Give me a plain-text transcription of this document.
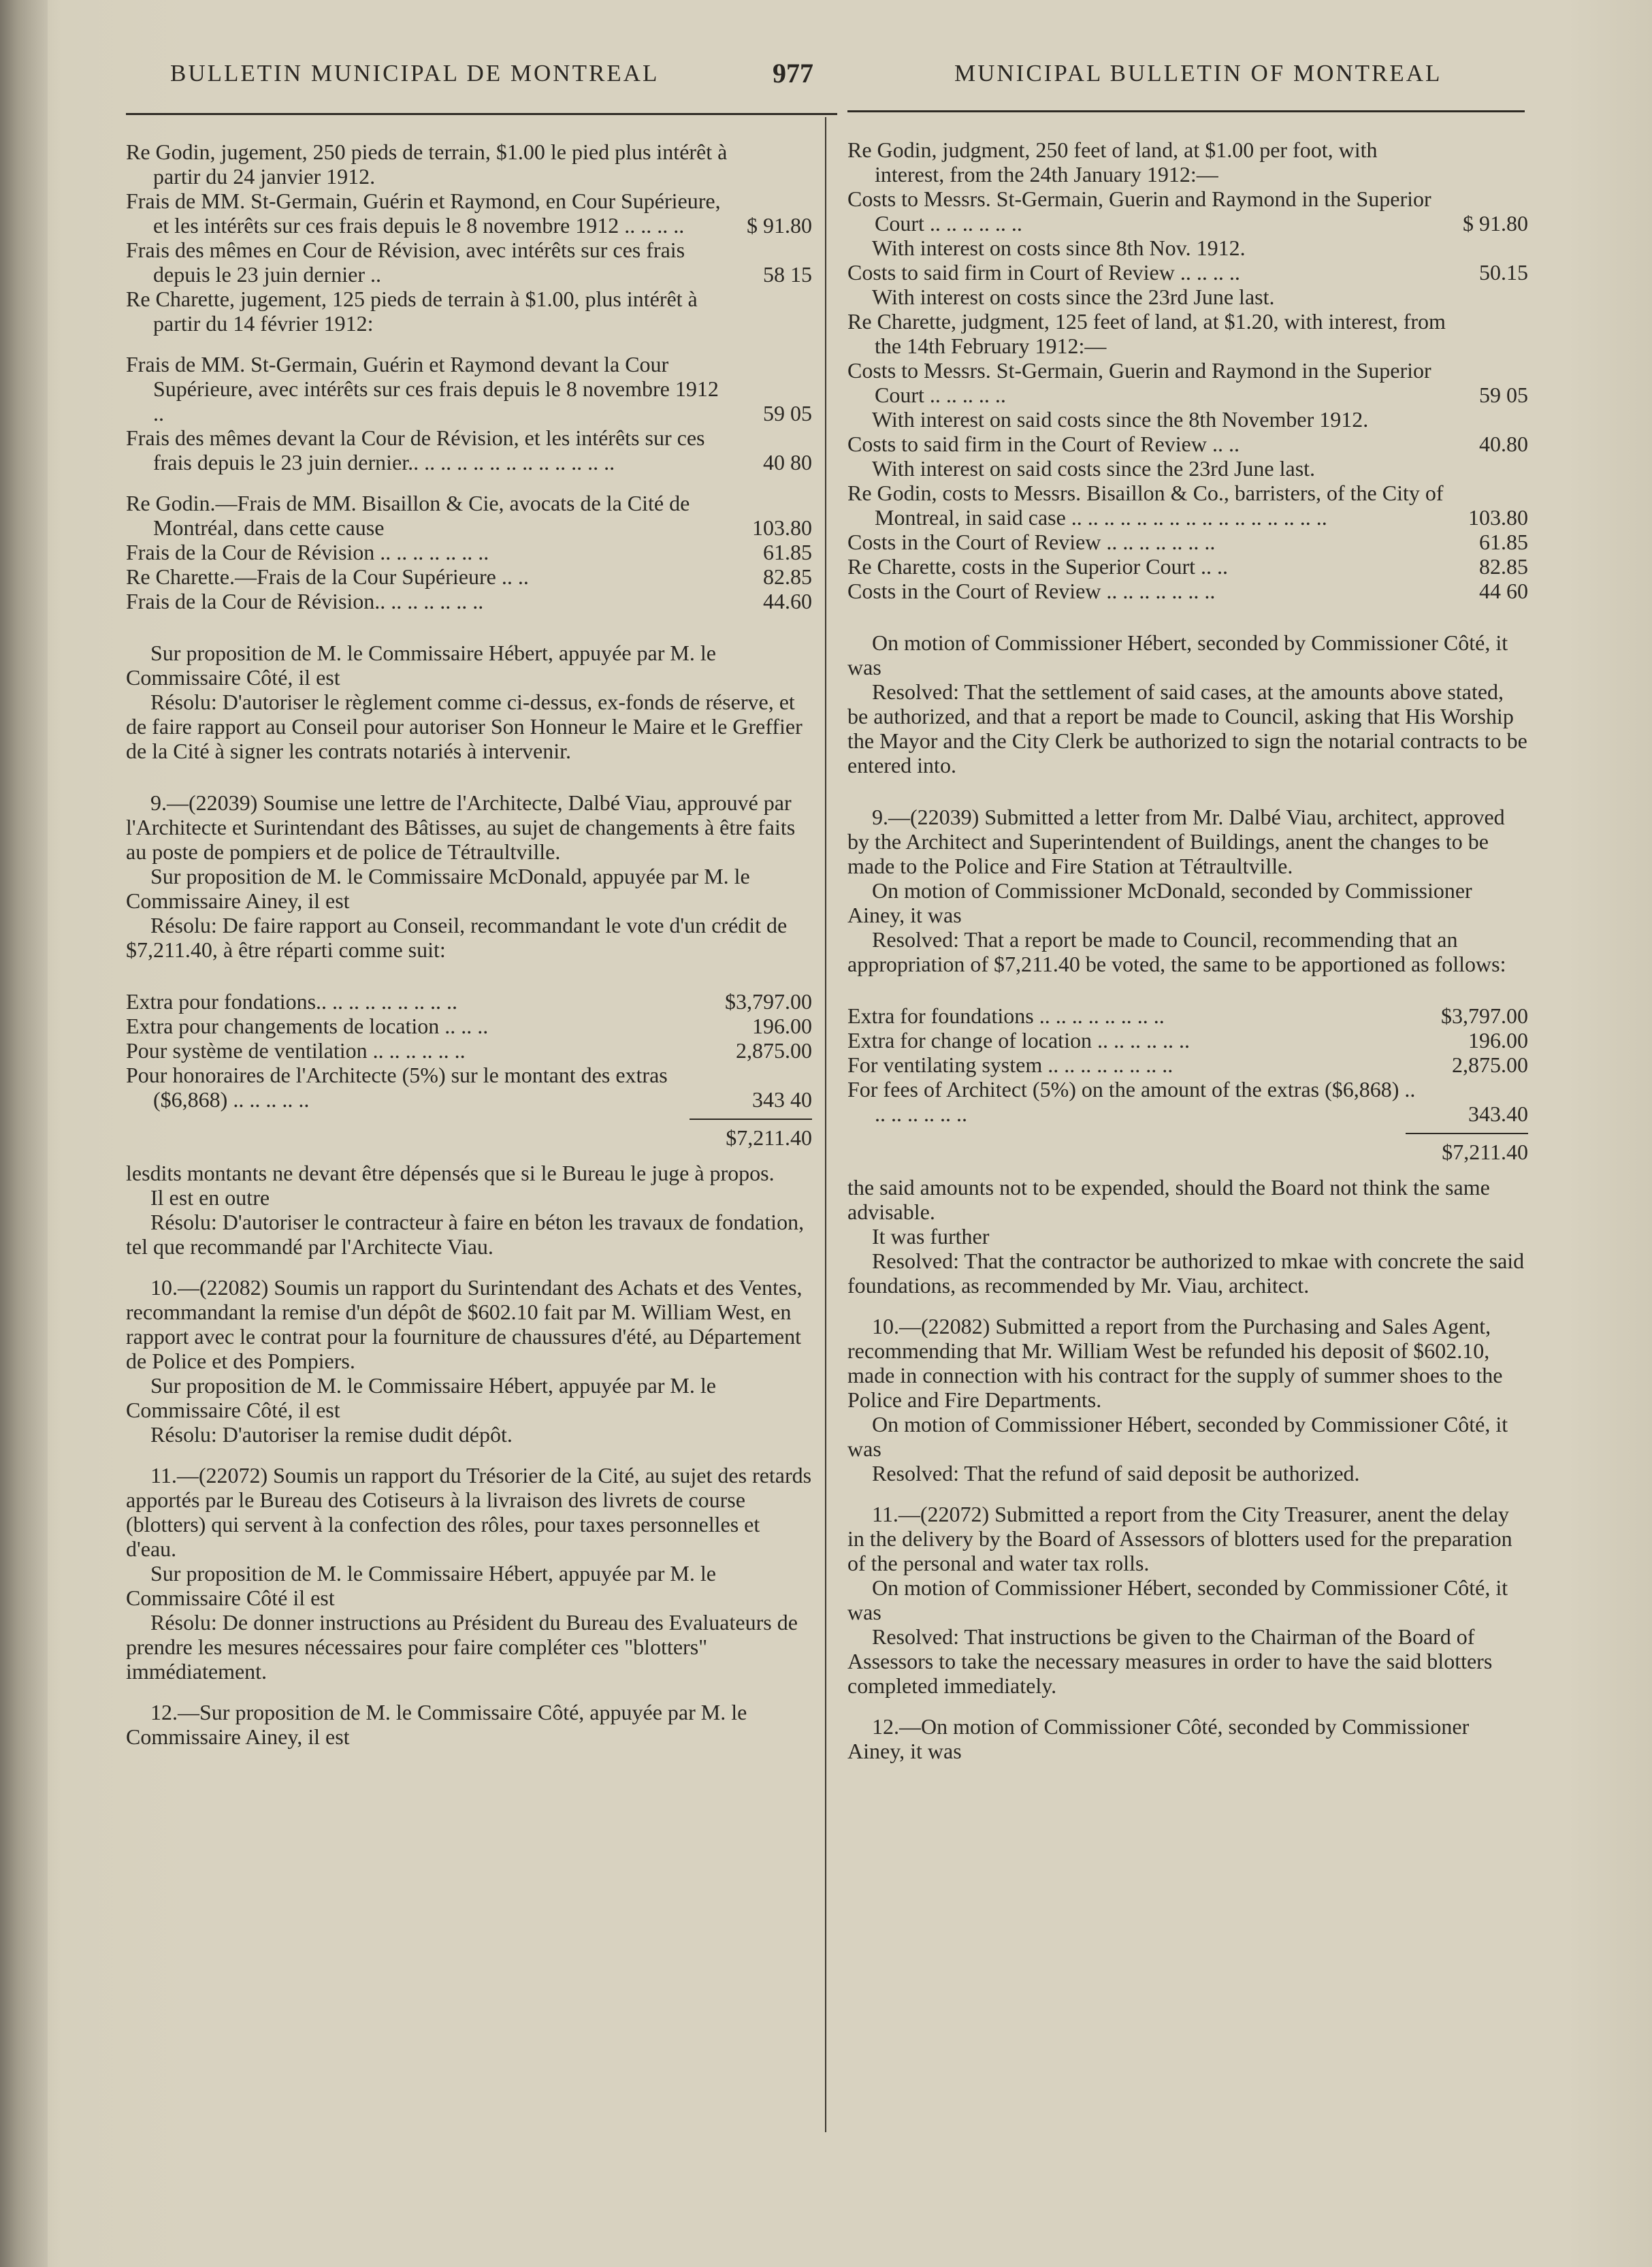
BULLETIN MUNICIPAL DE MONTREAL	977	MUNICIPAL BULLETIN OF MONTREAL
Re Godin, jugement, 250 pieds de terrain, $1.00 le pied plus intérêt à partir du 24 janvier 1912.
Frais de MM. St-Germain, Guérin et Raymond, en Cour Supérieure, et les intérêts sur ces frais depuis le 8 novembre 1912 .. .. .. ..	$ 91.80
Frais des mêmes en Cour de Révision, avec intérêts sur ces frais depuis le 23 juin dernier ..	58 15
Re Charette, jugement, 125 pieds de terrain à $1.00, plus intérêt à partir du 14 février 1912:
Frais de MM. St-Germain, Guérin et Raymond devant la Cour Supérieure, avec intérêts sur ces frais depuis le 8 novembre 1912 ..	59 05
Frais des mêmes devant la Cour de Révision, et les intérêts sur ces frais depuis le 23 juin dernier.. .. .. .. .. .. .. .. .. .. .. .. ..	40 80
Re Godin.—Frais de MM. Bisaillon & Cie, avocats de la Cité de Montréal, dans cette cause	103.80
Frais de la Cour de Révision .. .. .. .. .. .. ..	61.85
Re Charette.—Frais de la Cour Supérieure .. ..	82.85
Frais de la Cour de Révision.. .. .. .. .. .. ..	44.60

Sur proposition de M. le Commissaire Hébert, appuyée par M. le Commissaire Côté, il est

Résolu: D'autoriser le règlement comme ci-dessus, ex-fonds de réserve, et de faire rapport au Conseil pour autoriser Son Honneur le Maire et le Greffier de la Cité à signer les contrats notariés à intervenir.

9.—(22039) Soumise une lettre de l'Architecte, Dalbé Viau, approuvé par l'Architecte et Surintendant des Bâtisses, au sujet de changements à être faits au poste de pompiers et de police de Tétraultville.

Sur proposition de M. le Commissaire McDonald, appuyée par M. le Commissaire Ainey, il est

Résolu: De faire rapport au Conseil, recommandant le vote d'un crédit de $7,211.40, à être réparti comme suit:

Extra pour fondations.. .. .. .. .. .. .. .. ..	$3,797.00
Extra pour changements de location .. .. ..	196.00
Pour système de ventilation .. .. .. .. .. ..	2,875.00
Pour honoraires de l'Architecte (5%) sur le montant des extras ($6,868) .. .. .. .. ..	343 40
$7,211.40

lesdits montants ne devant être dépensés que si le Bureau le juge à propos.

Il est en outre

Résolu: D'autoriser le contracteur à faire en béton les travaux de fondation, tel que recommandé par l'Architecte Viau.

10.—(22082) Soumis un rapport du Surintendant des Achats et des Ventes, recommandant la remise d'un dépôt de $602.10 fait par M. William West, en rapport avec le contrat pour la fourniture de chaussures d'été, au Département de Police et des Pompiers.

Sur proposition de M. le Commissaire Hébert, appuyée par M. le Commissaire Côté, il est

Résolu: D'autoriser la remise dudit dépôt.

11.—(22072) Soumis un rapport du Trésorier de la Cité, au sujet des retards apportés par le Bureau des Cotiseurs à la livraison des livrets de course (blotters) qui servent à la confection des rôles, pour taxes personnelles et d'eau.

Sur proposition de M. le Commissaire Hébert, appuyée par M. le Commissaire Côté il est

Résolu: De donner instructions au Président du Bureau des Evaluateurs de prendre les mesures nécessaires pour faire compléter ces "blotters" immédiatement.

12.—Sur proposition de M. le Commissaire Côté, appuyée par M. le Commissaire Ainey, il est

Re Godin, judgment, 250 feet of land, at $1.00 per foot, with interest, from the 24th January 1912:—
Costs to Messrs. St-Germain, Guerin and Raymond in the Superior Court .. .. .. .. .. ..	$ 91.80
With interest on costs since 8th Nov. 1912.
Costs to said firm in Court of Review .. .. .. ..	50.15
With interest on costs since the 23rd June last.
Re Charette, judgment, 125 feet of land, at $1.20, with interest, from the 14th February 1912:—
Costs to Messrs. St-Germain, Guerin and Raymond in the Superior Court .. .. .. .. ..	59 05
With interest on said costs since the 8th November 1912.
Costs to said firm in the Court of Review .. ..	40.80
With interest on said costs since the 23rd June last.
Re Godin, costs to Messrs. Bisaillon & Co., barristers, of the City of Montreal, in said case .. .. .. .. .. .. .. .. .. .. .. .. .. .. .. ..	103.80
Costs in the Court of Review .. .. .. .. .. .. ..	61.85
Re Charette, costs in the Superior Court .. ..	82.85
Costs in the Court of Review .. .. .. .. .. .. ..	44 60

On motion of Commissioner Hébert, seconded by Commissioner Côté, it was

Resolved: That the settlement of said cases, at the amounts above stated, be authorized, and that a report be made to Council, asking that His Worship the Mayor and the City Clerk be authorized to sign the notarial contracts to be entered into.

9.—(22039) Submitted a letter from Mr. Dalbé Viau, architect, approved by the Architect and Superintendent of Buildings, anent the changes to be made to the Police and Fire Station at Tétraultville.

On motion of Commissioner McDonald, seconded by Commissioner Ainey, it was

Resolved: That a report be made to Council, recommending that an appropriation of $7,211.40 be voted, the same to be apportioned as follows:

Extra for foundations .. .. .. .. .. .. .. ..	$3,797.00
Extra for change of location .. .. .. .. .. ..	196.00
For ventilating system .. .. .. .. .. .. .. ..	2,875.00
For fees of Architect (5%) on the amount of the extras ($6,868) .. .. .. .. .. .. ..	343.40
$7,211.40

the said amounts not to be expended, should the Board not think the same advisable.

It was further

Resolved: That the contractor be authorized to mkae with concrete the said foundations, as recommended by Mr. Viau, architect.

10.—(22082) Submitted a report from the Purchasing and Sales Agent, recommending that Mr. William West be refunded his deposit of $602.10, made in connection with his contract for the supply of summer shoes to the Police and Fire Departments.

On motion of Commissioner Hébert, seconded by Commissioner Côté, it was

Resolved: That the refund of said deposit be authorized.

11.—(22072) Submitted a report from the City Treasurer, anent the delay in the delivery by the Board of Assessors of blotters used for the preparation of the personal and water tax rolls.

On motion of Commissioner Hébert, seconded by Commissioner Côté, it was

Resolved: That instructions be given to the Chairman of the Board of Assessors to take the necessary measures in order to have the said blotters completed immediately.

12.—On motion of Commissioner Côté, seconded by Commissioner Ainey, it was
